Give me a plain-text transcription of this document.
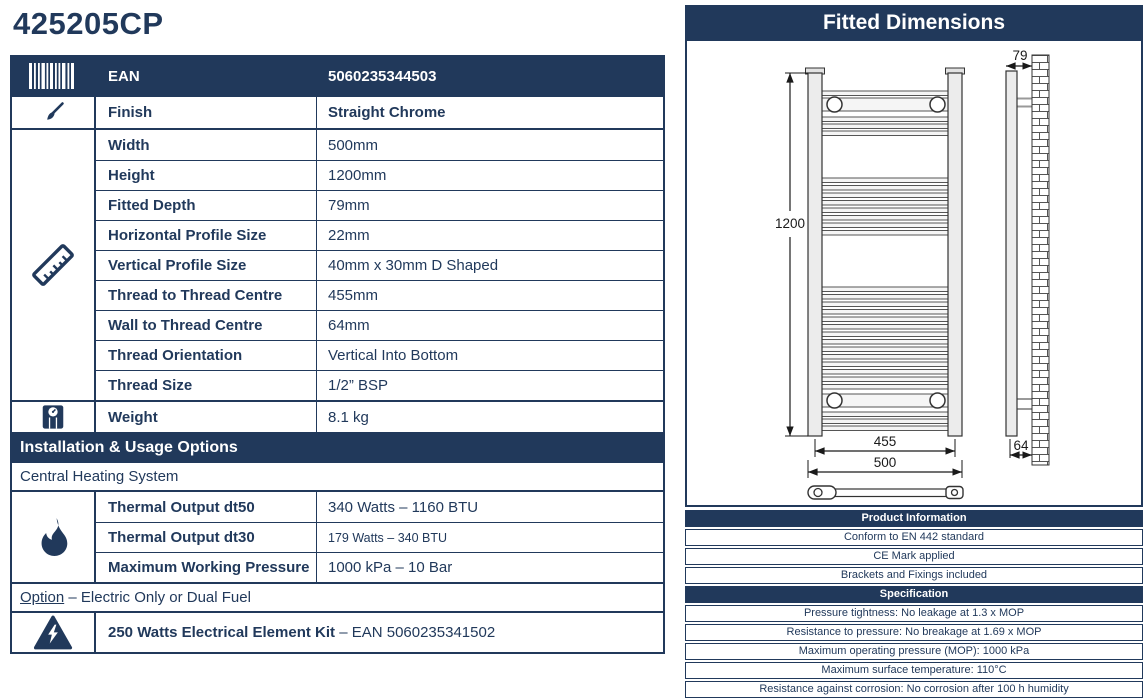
425205CP
EAN	5060235344503
Finish	Straight Chrome
Width	500mm
Height	1200mm
Fitted Depth	79mm
Horizontal Profile Size	22mm
Vertical Profile Size	40mm x 30mm D Shaped
Thread to Thread Centre	455mm
Wall to Thread Centre	64mm
Thread Orientation	Vertical Into Bottom
Thread Size	1/2” BSP
Weight	8.1 kg
Installation & Usage Options
Central Heating System
Thermal Output dt50	340 Watts – 1160 BTU
Thermal Output dt30	179 Watts – 340 BTU
Maximum Working Pressure	1000 kPa – 10 Bar
Option – Electric Only or Dual Fuel
250 Watts Electrical Element Kit – EAN 5060235341502
Fitted Dimensions
1200
455
500
79
64
Product Information
Conform to EN 442 standard
CE Mark applied
Brackets and Fixings included
Specification
Pressure tightness: No leakage at 1.3 x MOP
Resistance to pressure: No breakage at 1.69 x MOP
Maximum operating pressure (MOP): 1000 kPa
Maximum surface temperature: 110°C
Resistance against corrosion: No corrosion after 100 h humidity
